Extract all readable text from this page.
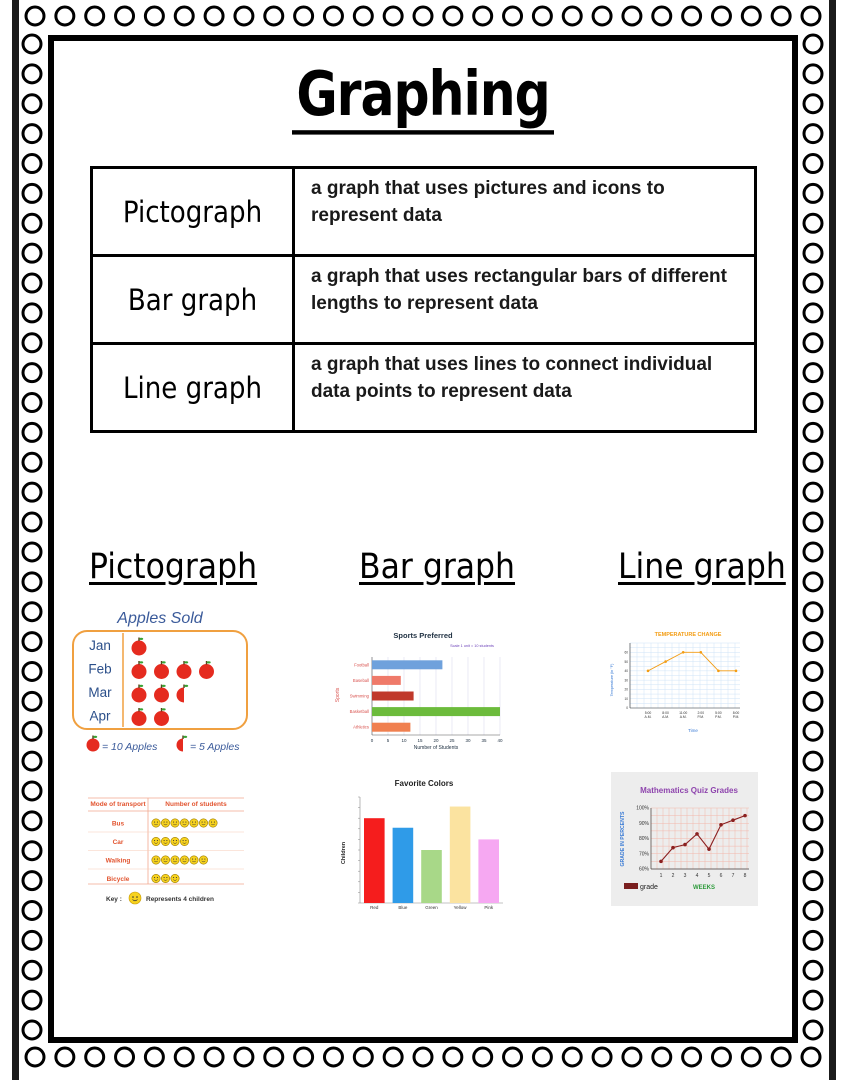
Graphing
Pictograph	a graph that uses pictures and icons to represent data
Bar graph	a graph that uses rectangular bars of different lengths to represent data
Line graph	a graph that uses lines to connect individual data points to represent data
Pictograph	Bar graph	Line graph
Apples Sold
Jan
Feb
Mar
Apr
= 10 Apples	= 5 Apples
Mode of transport	Number of students
Bus
Car
Walking
Bicycle
Key :	Represents 4 children
Sports Preferred
Scale 1 unit = 10 students
0	5	10 15 20 25 30 35 40
Football
Baseball
Swimming
Basketball
Athletics
Sports
Number of Students
Favorite Colors
Children
Red	Blue	Green	Yellow	Pink
TEMPERATURE CHANGE
0
10
20
30
40
50
60
5:00
A.M.
8:00
A.M.
11:00
A.M.
2:00
P.M.
5:00
P.M.
8:00
P.M.
Temperature (in °F)
Time
Mathematics Quiz Grades
60%
70%
80%
90%
100%
1 2 3 4 5 6 7 8
GRADE IN PERCENTS
WEEKS
grade
